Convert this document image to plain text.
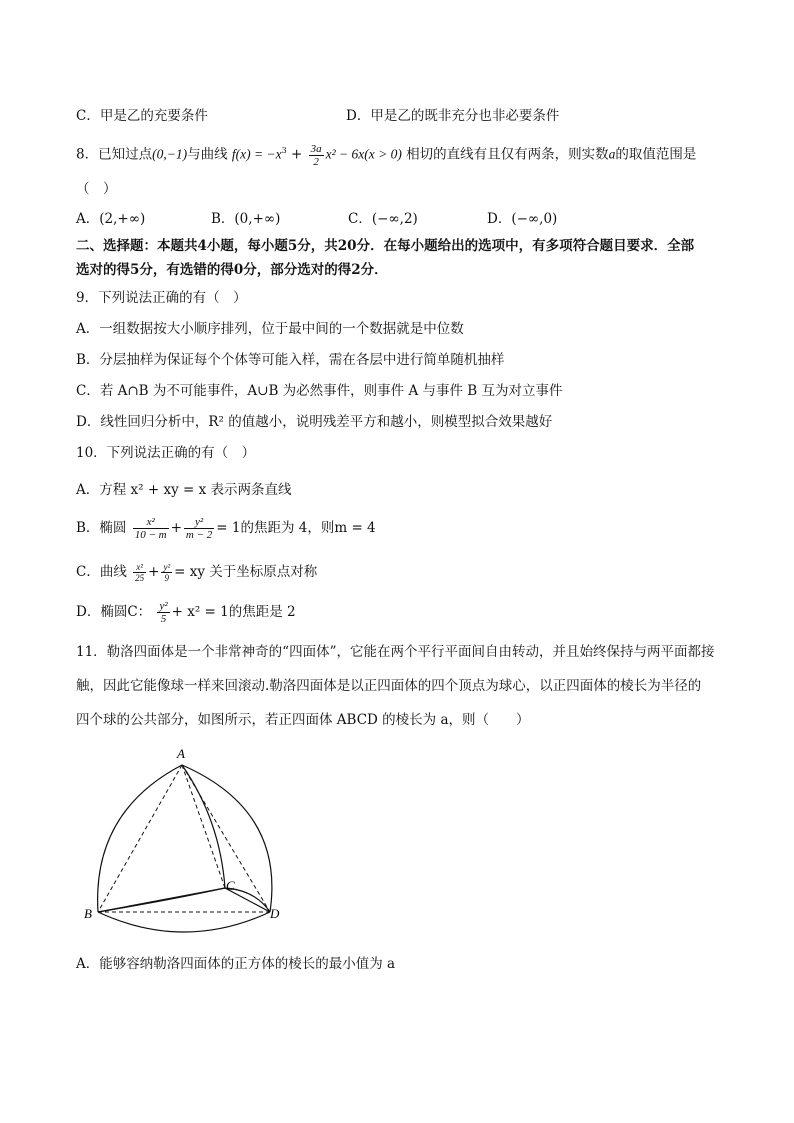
C．甲是乙的充要条件	D．甲是乙的既非充分也非必要条件
8．已知过点(0,−1)与曲线 $f(x) = -x^3 + \frac{3a}{2} x^2 - 6x(x > 0)$ 相切的直线有且仅有两条，则实数a的取值范围是
（　）
A．(2,+∞)	B．(0,+∞)	C．(−∞,2)	D．(−∞,0)
二、选择题：本题共4小题，每小题5分，共20分．在每小题给出的选项中，有多项符合题目要求．全部
选对的得5分，有选错的得0分，部分选对的得2分．
9．下列说法正确的有（　）
A．一组数据按大小顺序排列，位于最中间的一个数据就是中位数
B．分层抽样为保证每个个体等可能入样，需在各层中进行简单随机抽样
C．若 A∩B 为不可能事件，A∪B 为必然事件，则事件 A 与事件 B 互为对立事件
D．线性回归分析中，R² 的值越小，说明残差平方和越小，则模型拟合效果越好
10．下列说法正确的有（　）
A．方程 x² + xy = x 表示两条直线
B．椭圆 $\frac{\text{x²}}{10 - m} + \frac{\text{y²}}{m - 2} = 1$的焦距为 4，则m = 4
C．曲线 $\frac{\text{x²}}{25} + \frac{\text{y²}}{9}$ = xy 关于坐标原点对称
D．椭圆C： $\frac{\text{y²}}{5} + x^2 = 1$的焦距是 2
11．勒洛四面体是一个非常神奇的“四面体”，它能在两个平行平面间自由转动，并且始终保持与两平面都接
触，因此它能像球一样来回滚动.勒洛四面体是以正四面体的四个顶点为球心，以正四面体的棱长为半径的
四个球的公共部分，如图所示，若正四面体 ABCD 的棱长为 a，则（　　）
A
B
C
D
A．能够容纳勒洛四面体的正方体的棱长的最小值为 a
